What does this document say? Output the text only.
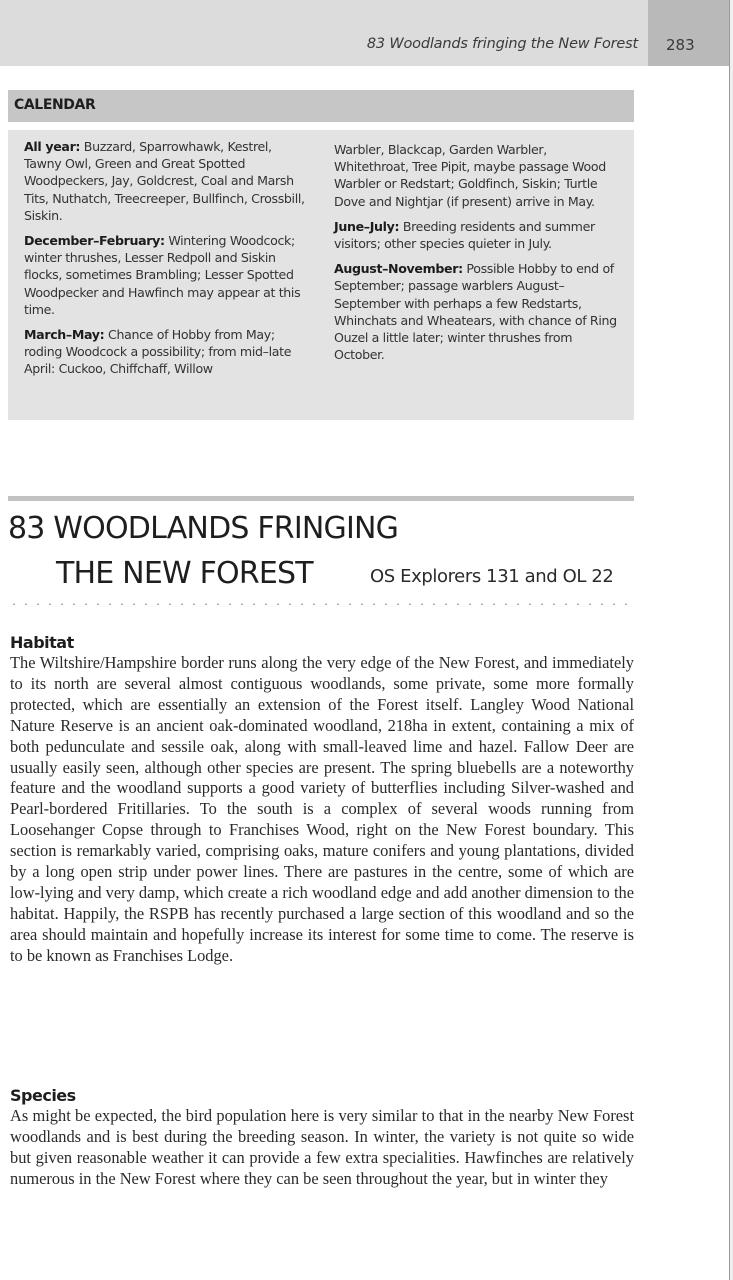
83 Woodlands fringing the New Forest 283
CALENDAR

All year: Buzzard, Sparrowhawk, Kestrel, Tawny Owl, Green and Great Spotted Woodpeckers, Jay, Goldcrest, Coal and Marsh Tits, Nuthatch, Treecreeper, Bullfinch, Crossbill, Siskin.

December–February: Wintering Woodcock; winter thrushes, Lesser Redpoll and Siskin flocks, sometimes Brambling; Lesser Spotted Woodpecker and Hawfinch may appear at this time.

March–May: Chance of Hobby from May; roding Woodcock a possibility; from mid–late April: Cuckoo, Chiffchaff, Willow

Warbler, Blackcap, Garden Warbler, Whitethroat, Tree Pipit, maybe passage Wood Warbler or Redstart; Goldfinch, Siskin; Turtle Dove and Nightjar (if present) arrive in May.

June–July: Breeding residents and summer visitors; other species quieter in July.

August–November: Possible Hobby to end of September; passage warblers August–September with perhaps a few Redstarts, Whinchats and Wheatears, with chance of Ring Ouzel a little later; winter thrushes from October.

83 WOODLANDS FRINGING
THE NEW FOREST	OS Explorers 131 and OL 22
Habitat

The Wiltshire/Hampshire border runs along the very edge of the New Forest, and immediately to its north are several almost contiguous woodlands, some private, some more formally protected, which are essentially an extension of the Forest itself. Langley Wood National Nature Reserve is an ancient oak-dominated woodland, 218ha in extent, containing a mix of both pedunculate and sessile oak, along with small-leaved lime and hazel. Fallow Deer are usually easily seen, although other species are present. The spring bluebells are a noteworthy feature and the woodland supports a good variety of butterflies including Silver-washed and Pearl-bordered Fritillaries. To the south is a complex of several woods running from Loosehanger Copse through to Franchises Wood, right on the New Forest boundary. This section is remarkably varied, comprising oaks, mature conifers and young plantations, divided by a long open strip under power lines. There are pastures in the centre, some of which are low-lying and very damp, which create a rich woodland edge and add another dimension to the habitat. Happily, the RSPB has recently purchased a large section of this woodland and so the area should maintain and hopefully increase its interest for some time to come. The reserve is to be known as Franchises Lodge.

Species

As might be expected, the bird population here is very similar to that in the nearby New Forest woodlands and is best during the breeding season. In winter, the variety is not quite so wide but given reasonable weather it can provide a few extra specialities. Hawfinches are relatively numerous in the New Forest where they can be seen throughout the year, but in winter they
